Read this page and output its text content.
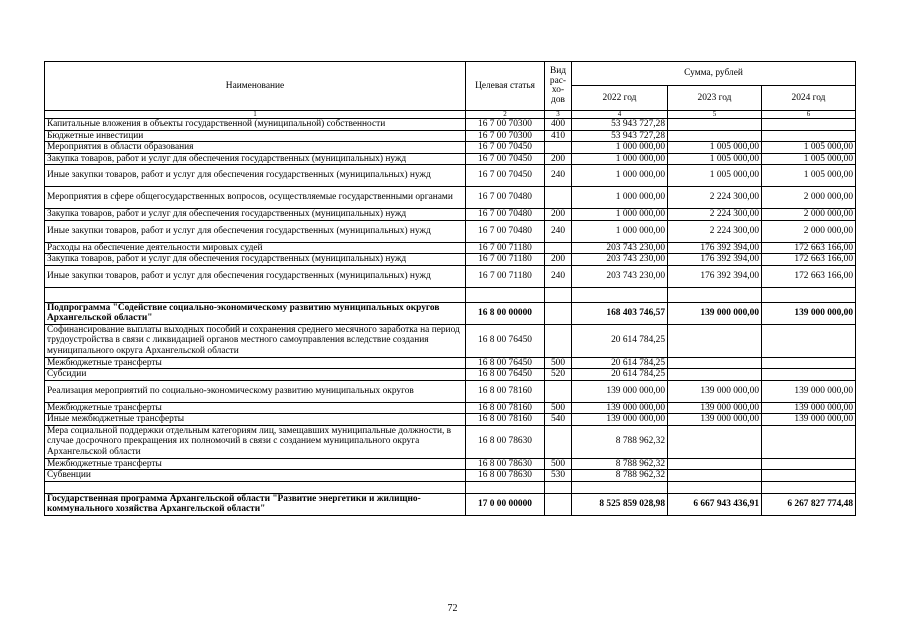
Наименование	Целевая статья	Вид рас-хо-дов	Сумма, рублей		
			2022 год	2023 год	2024 год
1	2	3	4	5	6
Капитальные вложения в объекты государственной (муниципальной) собственности	16 7 00 70300	400	53 943 727,28		
Бюджетные инвестиции	16 7 00 70300	410	53 943 727,28		
Мероприятия в области образования	16 7 00 70450		1 000 000,00	1 005 000,00	1 005 000,00
Закупка товаров, работ и услуг для обеспечения государственных (муниципальных) нужд	16 7 00 70450	200	1 000 000,00	1 005 000,00	1 005 000,00
Иные закупки товаров, работ и услуг для обеспечения государственных (муниципальных) нужд	16 7 00 70450	240	1 000 000,00	1 005 000,00	1 005 000,00
Мероприятия в сфере общегосударственных вопросов, осуществляемые государственными органами	16 7 00 70480		1 000 000,00	2 224 300,00	2 000 000,00
Закупка товаров, работ и услуг для обеспечения государственных (муниципальных) нужд	16 7 00 70480	200	1 000 000,00	2 224 300,00	2 000 000,00
Иные закупки товаров, работ и услуг для обеспечения государственных (муниципальных) нужд	16 7 00 70480	240	1 000 000,00	2 224 300,00	2 000 000,00
Расходы на обеспечение деятельности мировых судей	16 7 00 71180		203 743 230,00	176 392 394,00	172 663 166,00
Закупка товаров, работ и услуг для обеспечения государственных (муниципальных) нужд	16 7 00 71180	200	203 743 230,00	176 392 394,00	172 663 166,00
Иные закупки товаров, работ и услуг для обеспечения государственных (муниципальных) нужд	16 7 00 71180	240	203 743 230,00	176 392 394,00	172 663 166,00

Подпрограмма "Содействие социально-экономическому развитию муниципальных округов Архангельской области"	16 8 00 00000		168 403 746,57	139 000 000,00	139 000 000,00
Софинансирование выплаты выходных пособий и сохранения среднего месячного заработка на период трудоустройства в связи с ликвидацией органов местного самоуправления вследствие создания муниципального округа Архангельской области	16 8 00 76450		20 614 784,25		
Межбюджетные трансферты	16 8 00 76450	500	20 614 784,25		
Субсидии	16 8 00 76450	520	20 614 784,25		
Реализация мероприятий по социально-экономическому развитию муниципальных округов	16 8 00 78160		139 000 000,00	139 000 000,00	139 000 000,00
Межбюджетные трансферты	16 8 00 78160	500	139 000 000,00	139 000 000,00	139 000 000,00
Иные межбюджетные трансферты	16 8 00 78160	540	139 000 000,00	139 000 000,00	139 000 000,00
Мера социальной поддержки отдельным категориям лиц, замещавших муниципальные должности, в случае досрочного прекращения их полномочий в связи с созданием муниципального округа Архангельской области	16 8 00 78630		8 788 962,32		
Межбюджетные трансферты	16 8 00 78630	500	8 788 962,32		
Субвенции	16 8 00 78630	530	8 788 962,32		

Государственная программа Архангельской области "Развитие энергетики и жилищно-коммунального хозяйства Архангельской области"	17 0 00 00000		8 525 859 028,98	6 667 943 436,91	6 267 827 774,48
72
